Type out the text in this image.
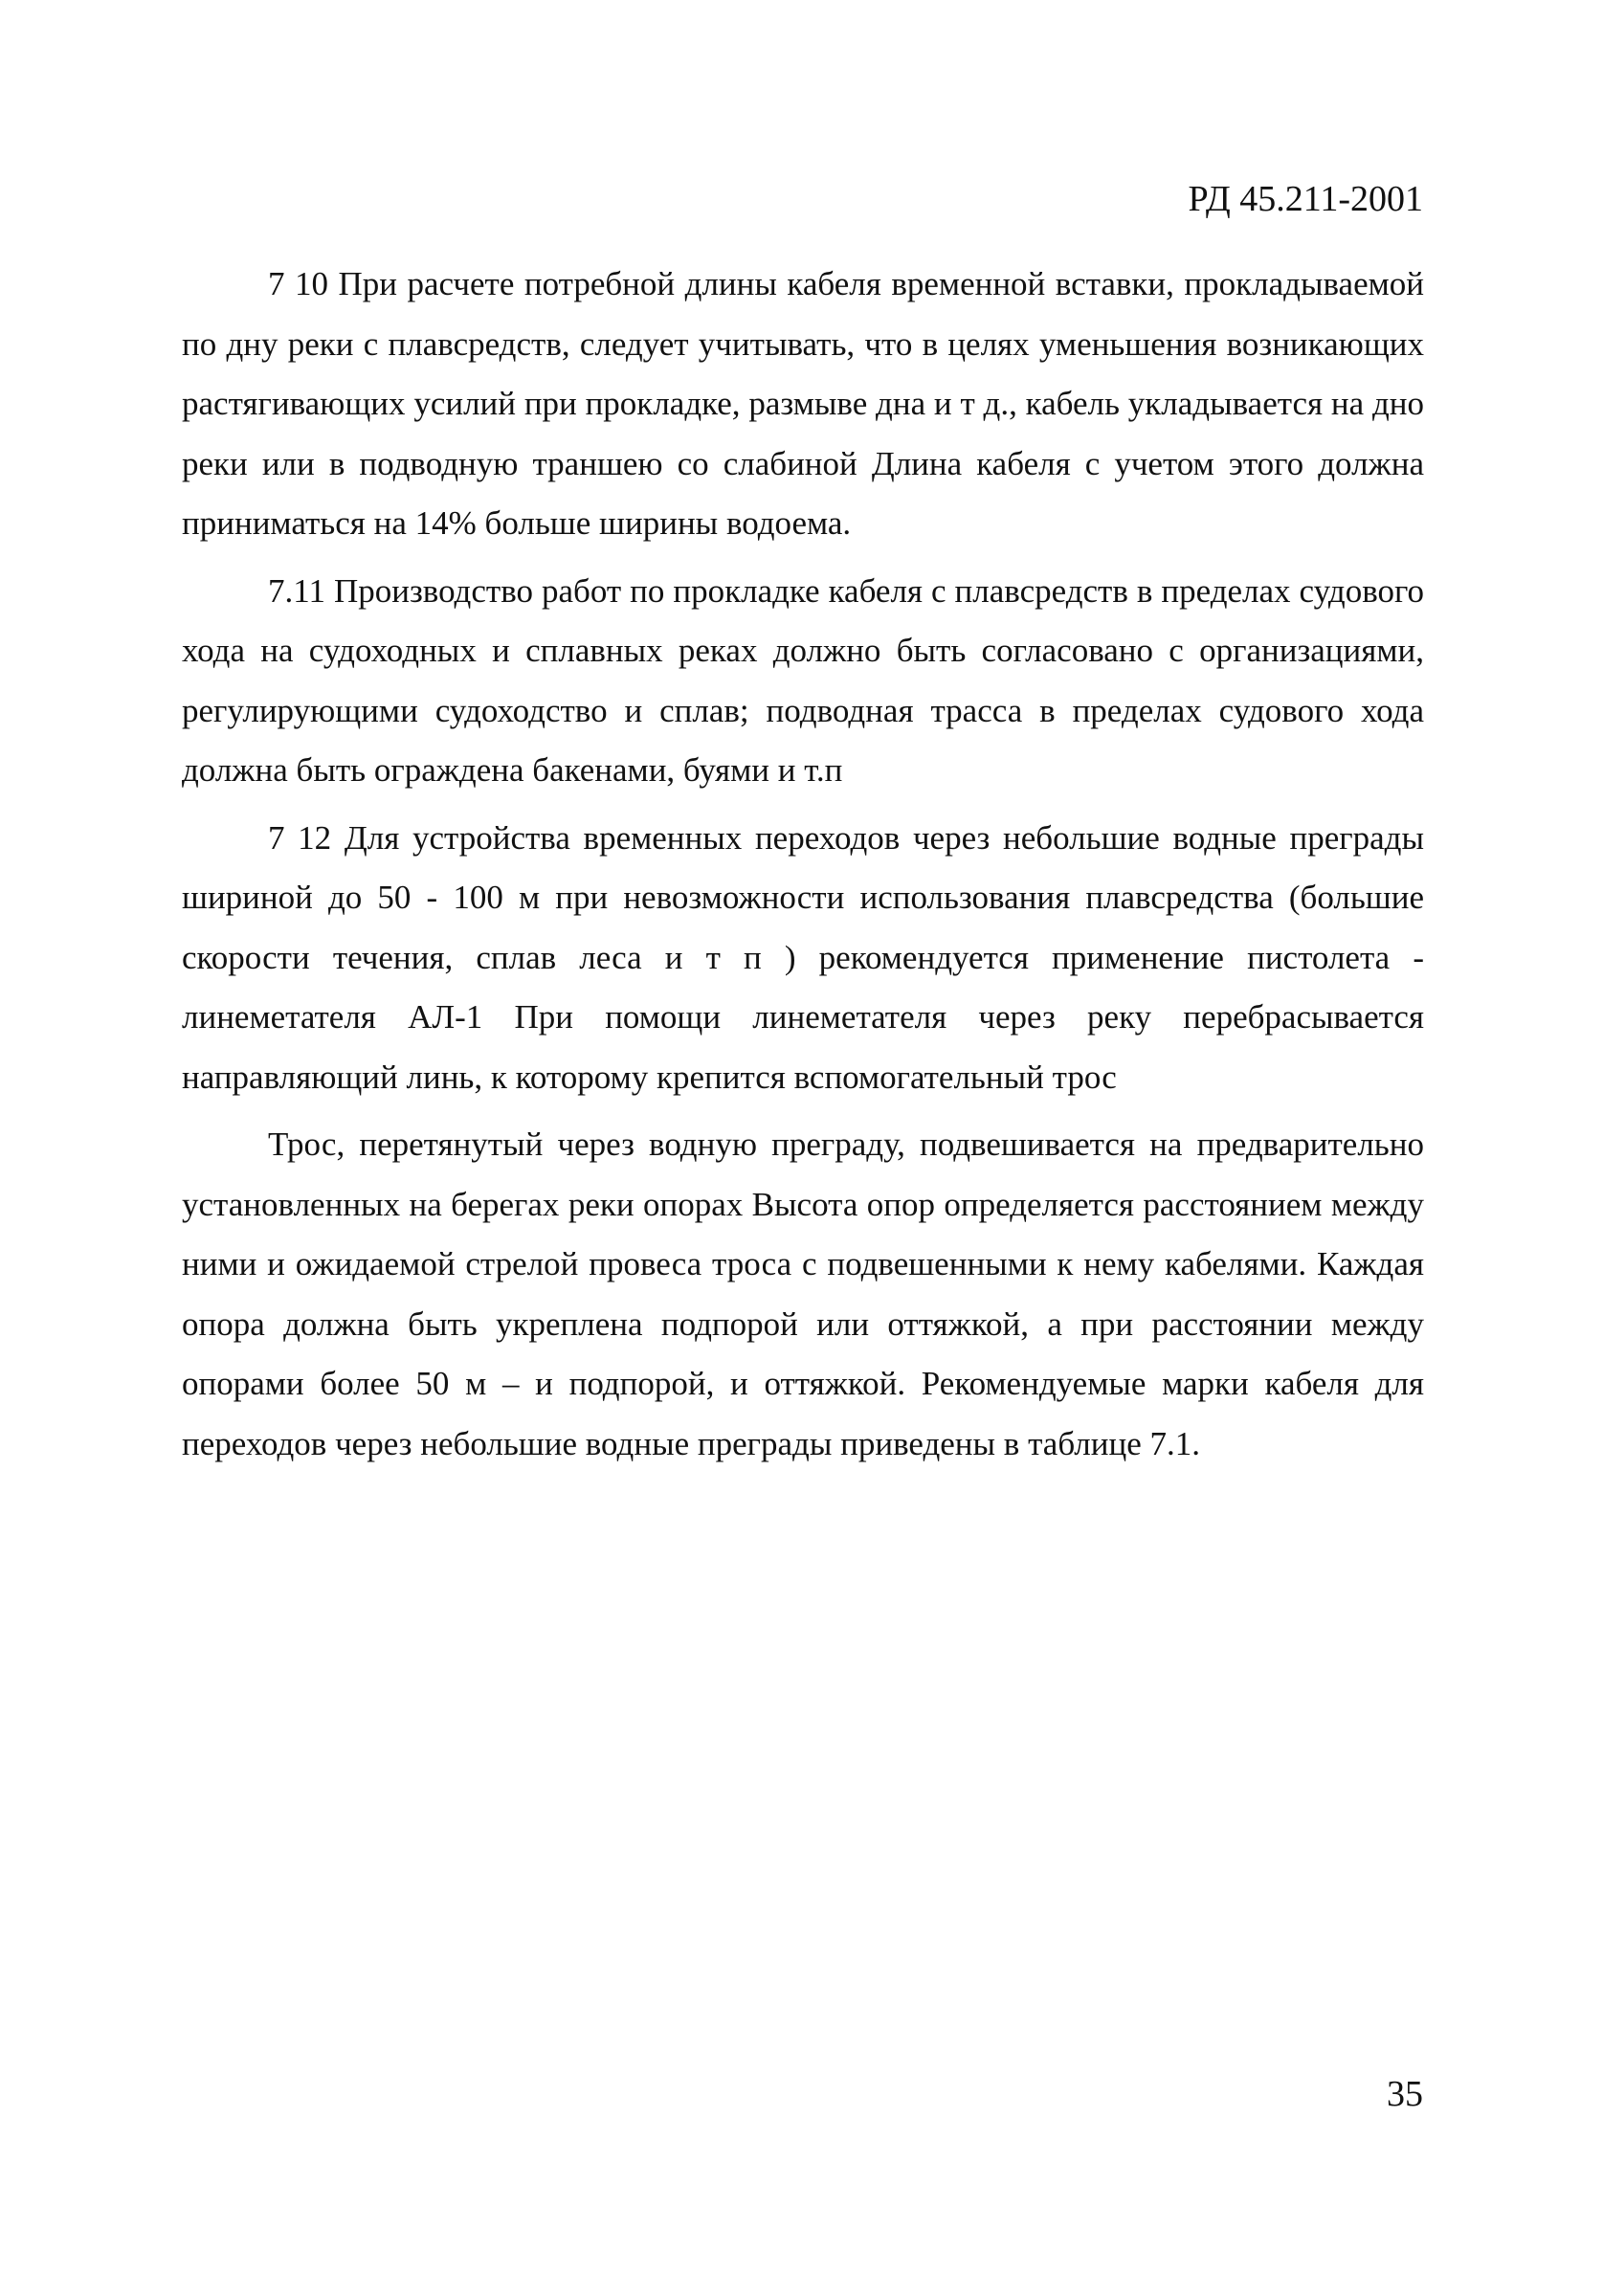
РД 45.211-2001

7 10 При расчете потребной длины кабеля временной вставки, прокладываемой по дну реки с плавсредств, следует учитывать, что в целях уменьшения возникающих растягивающих усилий при прокладке, размыве дна и т д., кабель укладывается на дно реки или в подводную траншею со слабиной Длина кабеля с учетом этого должна приниматься на 14% больше ширины водоема.

7.11 Производство работ по прокладке кабеля с плавсредств в пределах судового хода на судоходных и сплавных реках должно быть согласовано с организациями, регулирующими судоходство и сплав; подводная трасса в пределах судового хода должна быть ограждена бакенами, буями и т.п

7 12 Для устройства временных переходов через небольшие водные преграды шириной до 50 - 100 м при невозможности использования плавсредства (большие скорости течения, сплав леса и т п ) рекомендуется применение пистолета - линеметателя АЛ-1 При помощи линеметателя через реку перебрасывается направляющий линь, к которому крепится вспомогательный трос

Трос, перетянутый через водную преграду, подвешивается на предварительно установленных на берегах реки опорах Высота опор определяется расстоянием между ними и ожидаемой стрелой провеса троса с подвешенными к нему кабелями. Каждая опора должна быть укреплена подпорой или оттяжкой, а при расстоянии между опорами более 50 м – и подпорой, и оттяжкой. Рекомендуемые марки кабеля для переходов через небольшие водные преграды приведены в таблице 7.1.

35
